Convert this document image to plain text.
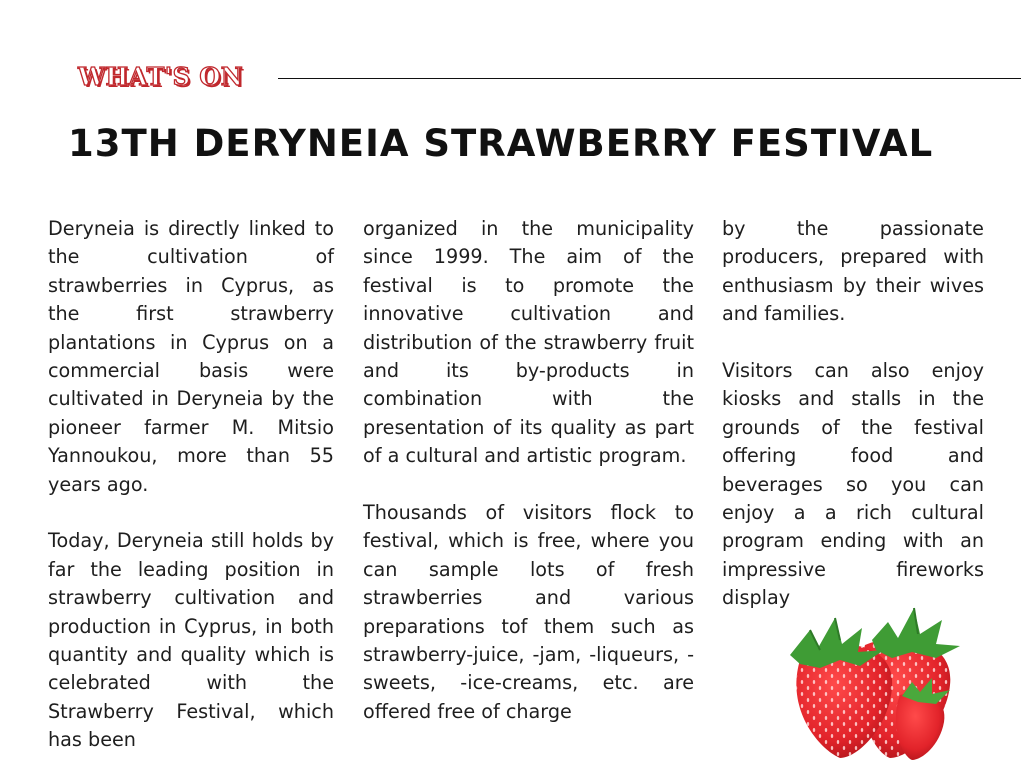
WHAT'S ON
13TH DERYNEIA STRAWBERRY FESTIVAL

Deryneia is directly linked to the cultivation of strawberries in Cyprus, as the first strawberry plantations in Cyprus on a commercial basis were cultivated in Deryneia by the pioneer farmer M. Mitsio Yannoukou, more than 55 years ago.

Today, Deryneia still holds by far the leading position in strawberry cultivation and production in Cyprus, in both quantity and quality which is celebrated with the Strawberry Festival, which has been

organized in the municipality since 1999. The aim of the festival is to promote the innovative cultivation and distribution of the strawberry fruit and its by-products in combination with the presentation of its quality as part of a cultural and artistic program.

Thousands of visitors flock to festival, which is free, where you can sample lots of fresh strawberries and various preparations tof them such as strawberry-juice, -jam, -liqueurs, -sweets, -ice-creams, etc. are offered free of charge

by the passionate producers, prepared with enthusiasm by their wives and families.

Visitors can also enjoy kiosks and stalls in the grounds of the festival offering food and beverages so you can enjoy a a rich cultural program ending with an impressive fireworks display
